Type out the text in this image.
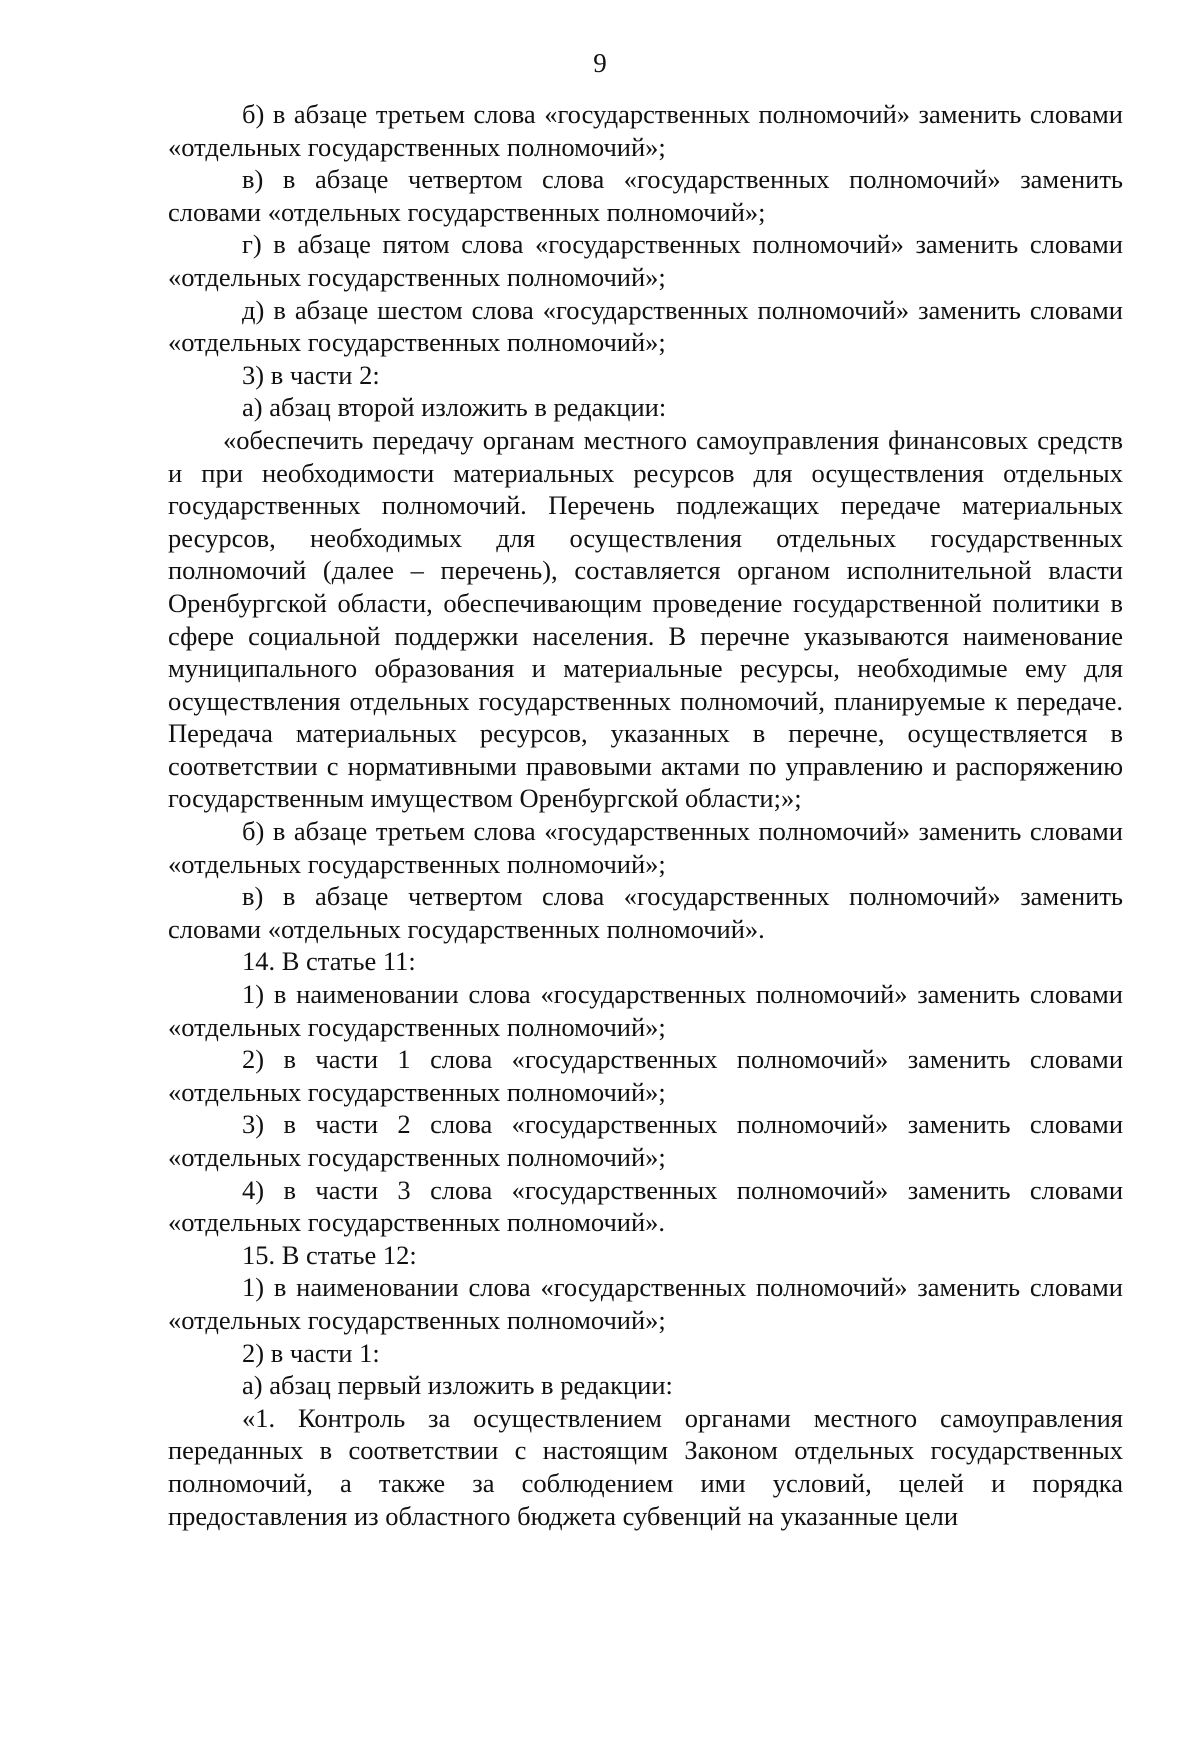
9

б) в абзаце третьем слова «государственных полномочий» заменить словами «отдельных государственных полномочий»;

в) в абзаце четвертом слова «государственных полномочий» заменить словами «отдельных государственных полномочий»;

г) в абзаце пятом слова «государственных полномочий» заменить словами «отдельных государственных полномочий»;

д) в абзаце шестом слова «государственных полномочий» заменить словами «отдельных государственных полномочий»;

3) в части 2:

а) абзац второй изложить в редакции:

«обеспечить передачу органам местного самоуправления финансовых средств и при необходимости материальных ресурсов для осуществления отдельных государственных полномочий. Перечень подлежащих передаче материальных ресурсов, необходимых для осуществления отдельных государственных полномочий (далее – перечень), составляется органом исполнительной власти Оренбургской области, обеспечивающим проведение государственной политики в сфере социальной поддержки населения. В перечне указываются наименование муниципального образования и материальные ресурсы, необходимые ему для осуществления отдельных государственных полномочий, планируемые к передаче. Передача материальных ресурсов, указанных в перечне, осуществляется в соответствии с нормативными правовыми актами по управлению и распоряжению государственным имуществом Оренбургской области;»;

б) в абзаце третьем слова «государственных полномочий» заменить словами «отдельных государственных полномочий»;

в) в абзаце четвертом слова «государственных полномочий» заменить словами «отдельных государственных полномочий».

14. В статье 11:

1) в наименовании слова «государственных полномочий» заменить словами «отдельных государственных полномочий»;

2) в части 1 слова «государственных полномочий» заменить словами «отдельных государственных полномочий»;

3) в части 2 слова «государственных полномочий» заменить словами «отдельных государственных полномочий»;

4) в части 3 слова «государственных полномочий» заменить словами «отдельных государственных полномочий».

15. В статье 12:

1) в наименовании слова «государственных полномочий» заменить словами «отдельных государственных полномочий»;

2) в части 1:

а) абзац первый изложить в редакции:

«1. Контроль за осуществлением органами местного самоуправления переданных в соответствии с настоящим Законом отдельных государственных полномочий, а также за соблюдением ими условий, целей и порядка предоставления из областного бюджета субвенций на указанные цели
